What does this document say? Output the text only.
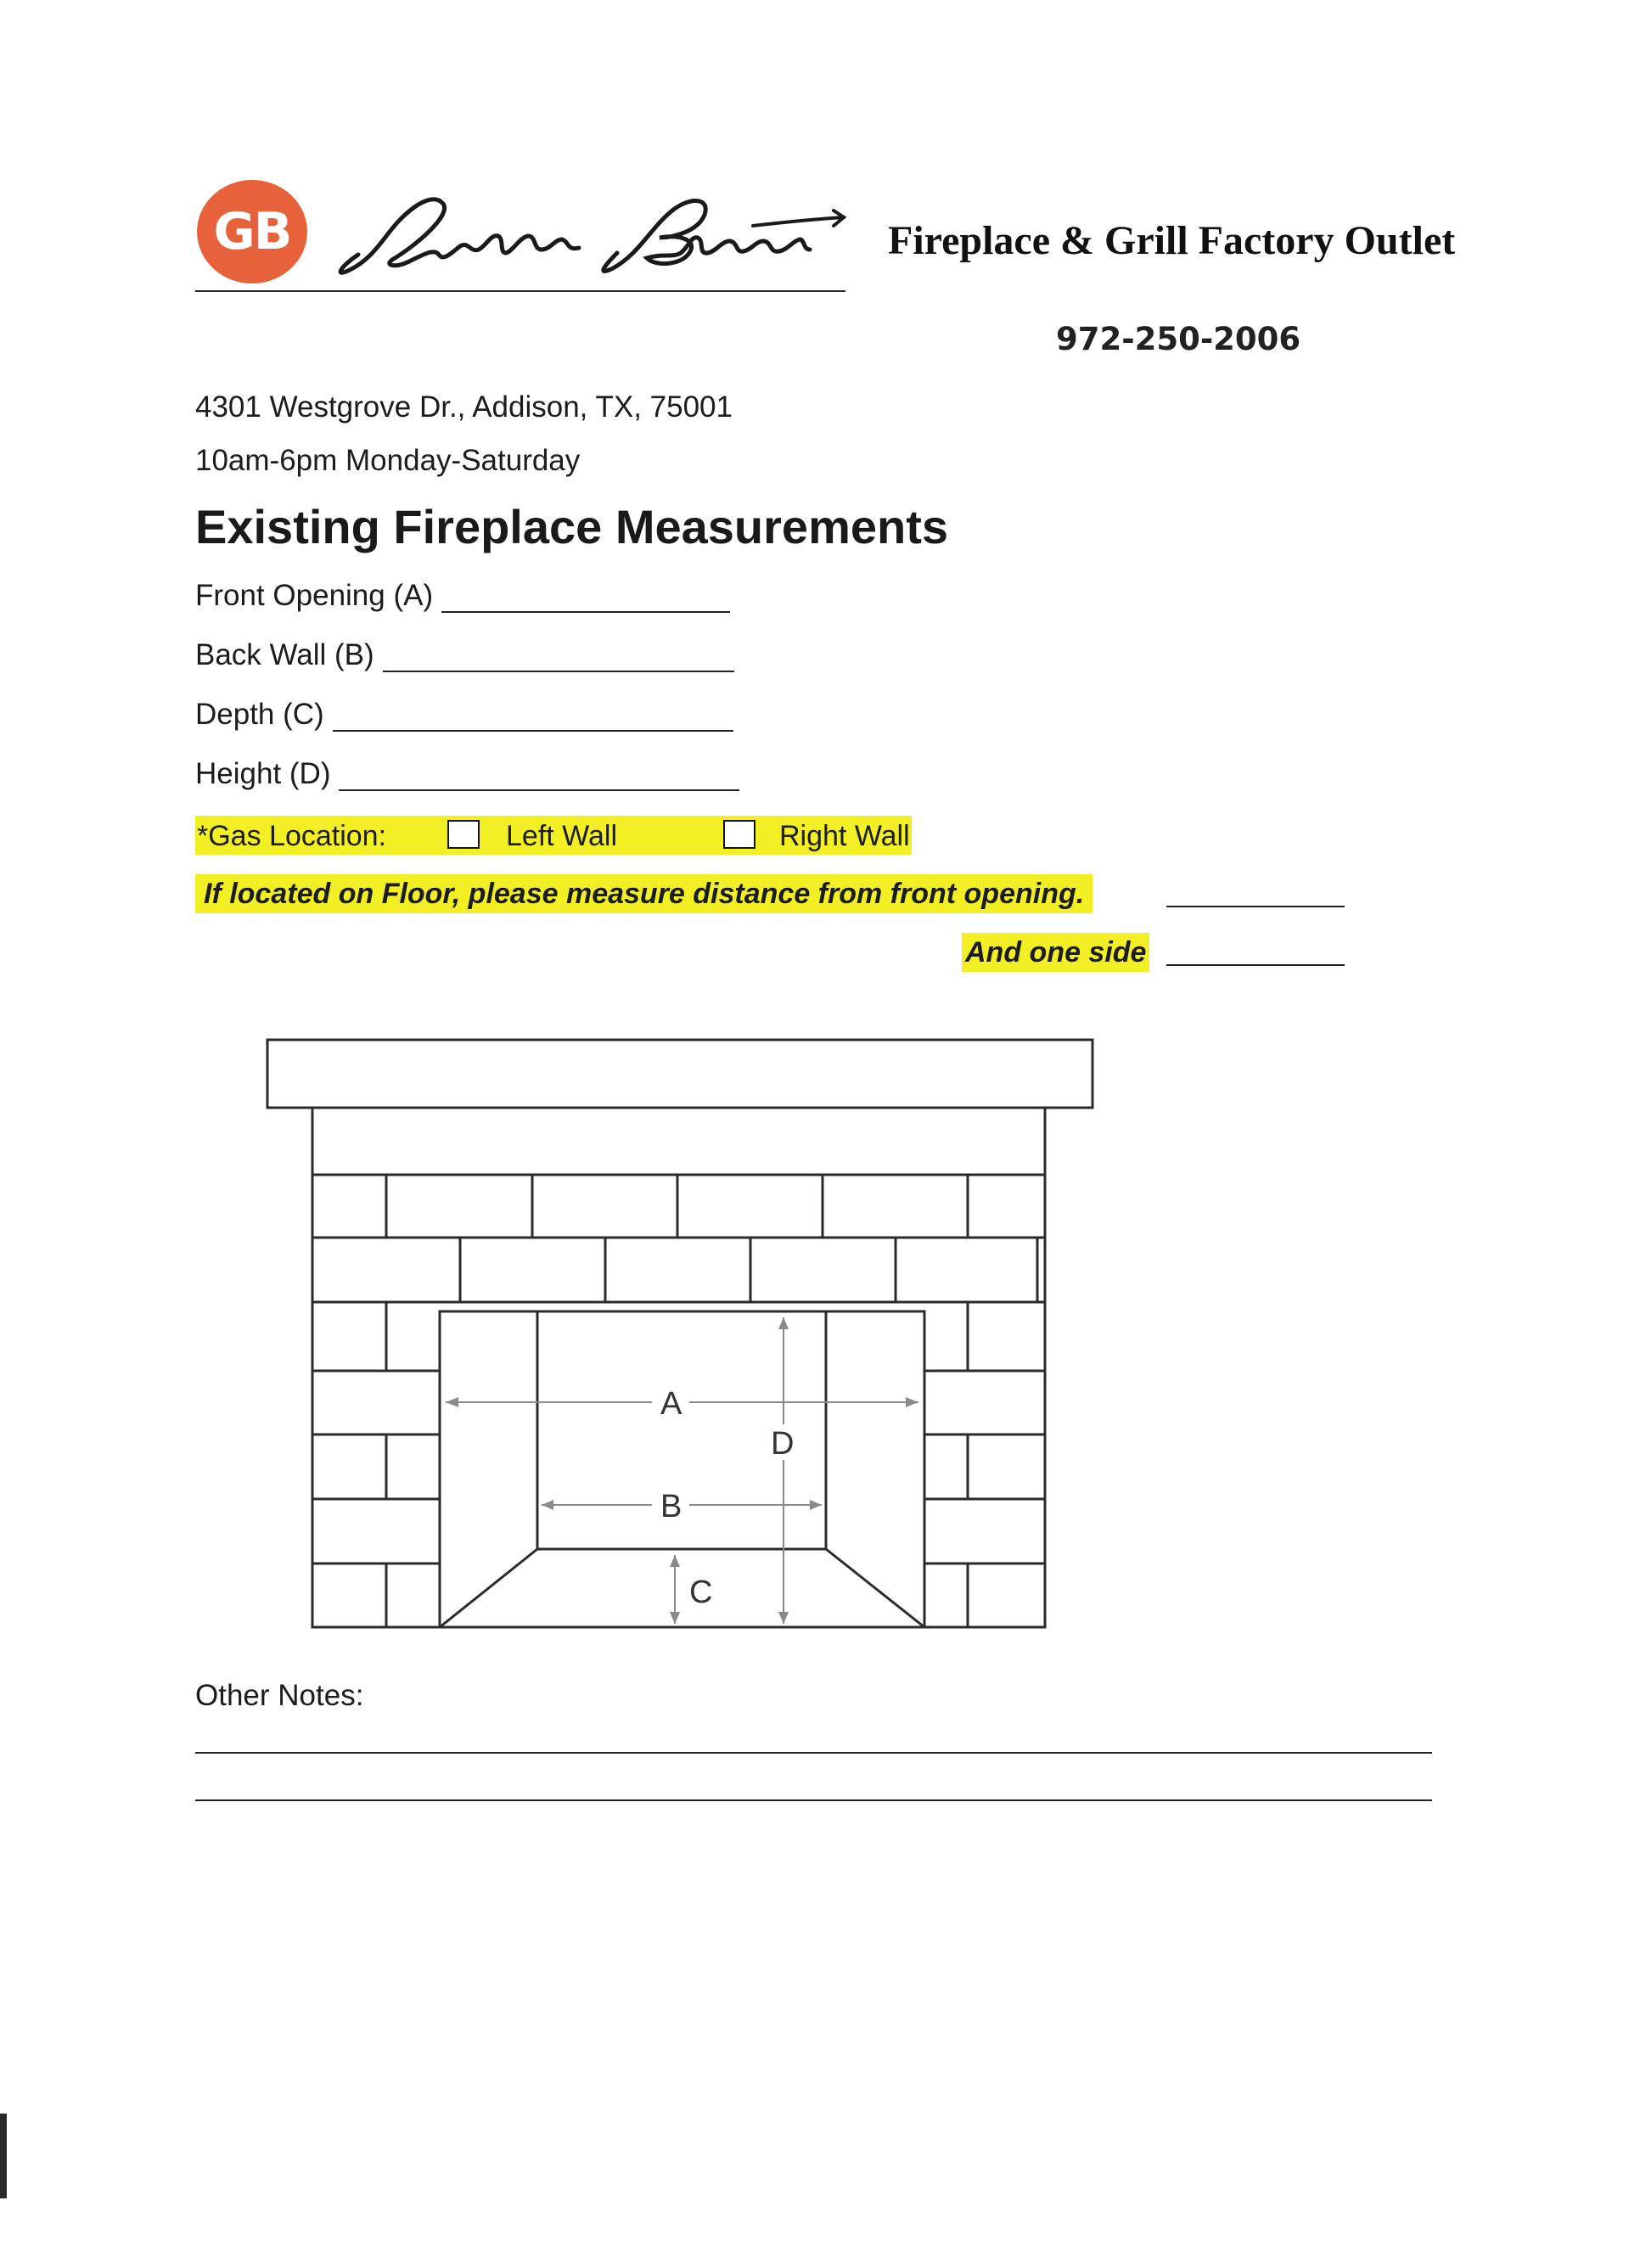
GB	Fireplace & Grill Factory Outlet
972-250-2006
4301 Westgrove Dr., Addison, TX, 75001
10am-6pm Monday-Saturday
Existing Fireplace Measurements
Front Opening (A)
Back Wall (B)
Depth (C)
Height (D)
*Gas Location:	Left Wall	Right Wall
If located on Floor, please measure distance from front opening.
And one side
A
B
C
D
Other Notes:
